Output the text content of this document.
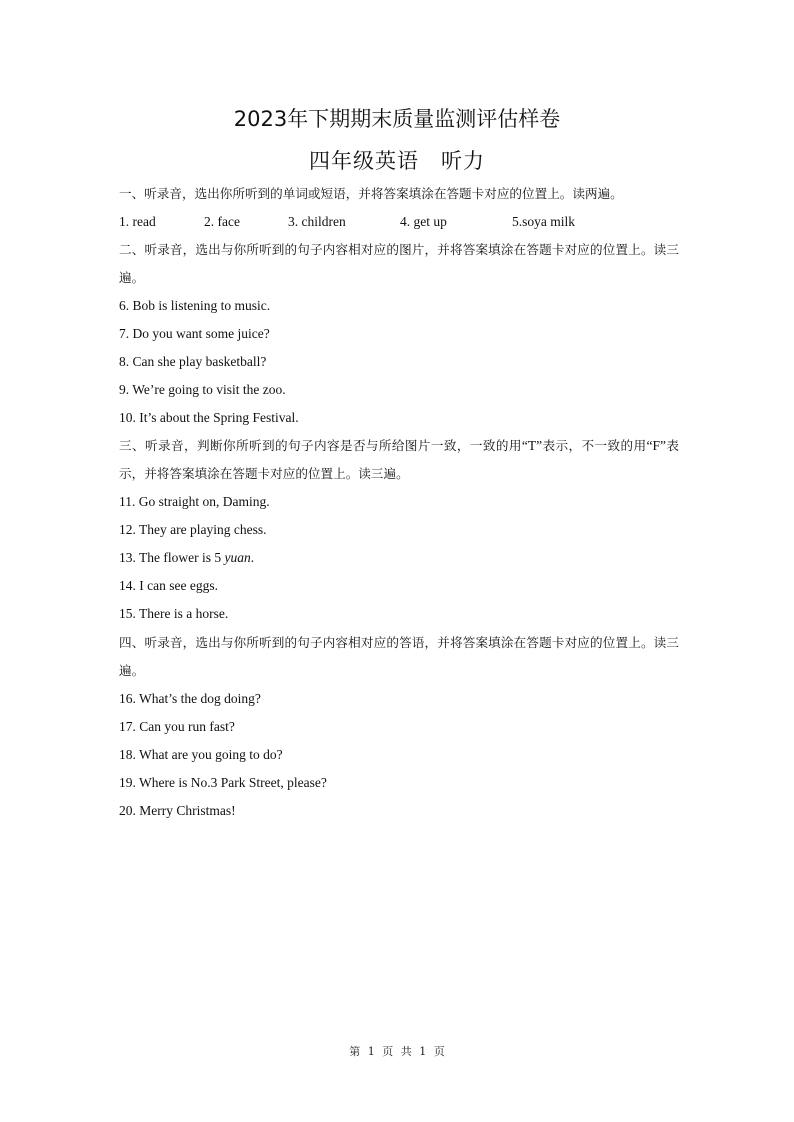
2023年下期期末质量监测评估样卷
四年级英语　听力
一、听录音，选出你所听到的单词或短语，并将答案填涂在答题卡对应的位置上。读两遍。
1. read	2. face	3. children	4. get up	5.soya milk
二、听录音，选出与你所听到的句子内容相对应的图片，并将答案填涂在答题卡对应的位置上。读三遍。
6. Bob is listening to music.
7. Do you want some juice?
8. Can she play basketball?
9. We’re going to visit the zoo.
10. It’s about the Spring Festival.
三、听录音，判断你所听到的句子内容是否与所给图片一致，一致的用“T”表示，不一致的用“F”表示，并将答案填涂在答题卡对应的位置上。读三遍。
11. Go straight on, Daming.
12. They are playing chess.
13. The flower is 5 yuan.
14. I can see eggs.
15. There is a horse.
四、听录音，选出与你所听到的句子内容相对应的答语，并将答案填涂在答题卡对应的位置上。读三遍。
16. What’s the dog doing?
17. Can you run fast?
18. What are you going to do?
19. Where is No.3 Park Street, please?
20. Merry Christmas!
第 1 页 共 1 页
